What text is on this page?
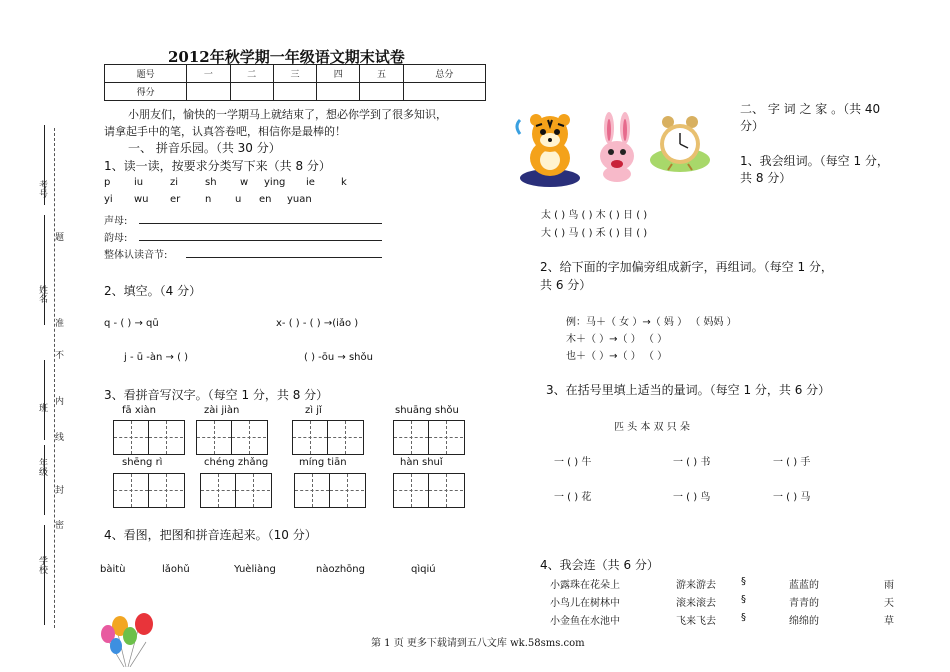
考号
题
姓名
准
不
内
班
线
年级
封
密
学校
2012年秋学期一年级语文期末试卷
题号	一	二	三	四	五	总分
得分						
小朋友们，愉快的一学期马上就结束了，想必你学到了很多知识，
请拿起手中的笔，认真答卷吧，相信你是最棒的！
一、 拼音乐园。（共 30 分）
1、读一读，按要求分类写下来（共 8 分）
p iu	zi	sh w ying ie	k
yi wu er n u en yuan
声母:
韵母:
整体认读音节:
2、填空。（4 分）
q - ( ) → qū	x- ( ) - ( ) →(iǎo )
j - ū -àn → ( )	( ) -ōu → shǒu
3、看拼音写汉字。（每空 1 分，共 8 分）
fā xiàn	zài jiàn	zì jǐ	shuāng shǒu
shēng rì	chéng zhǎng	míng tiān	hàn shuǐ
4、看图，把图和拼音连起来。（10 分）
bàitù	lǎohǔ	Yuèliàng	nàozhōng	qìqiú
二、 字 词 之 家 。（共 40
分）
1、我会组词。（每空 1 分，
共 8 分）
太 ( ) 鸟 ( ) 木 ( ) 日 ( )
大 ( ) 马 ( ) 禾 ( ) 目 ( )
2、给下面的字加偏旁组成新字，再组词。（每空 1 分，
共 6 分）
例：马＋（ 女 ）→（ 妈 ） （ 妈妈 ）
木＋（ ）→（ ） （ ）
也＋（ ）→（ ） （ ）
3、在括号里填上适当的量词。（每空 1 分，共 6 分）
匹 头 本 双 只 朵
一 ( ) 牛	一 ( ) 书	一 ( ) 手
一 ( ) 花	一 ( ) 鸟	一 ( ) 马
4、我会连（共 6 分）
小露珠在花朵上	游来游去	§	蓝蓝的	雨
小鸟儿在树林中	滚来滚去	§	青青的	天
小金鱼在水池中	飞来飞去	§	绵绵的	草
第 1 页 更多下载请到五八文库 wk.58sms.com
